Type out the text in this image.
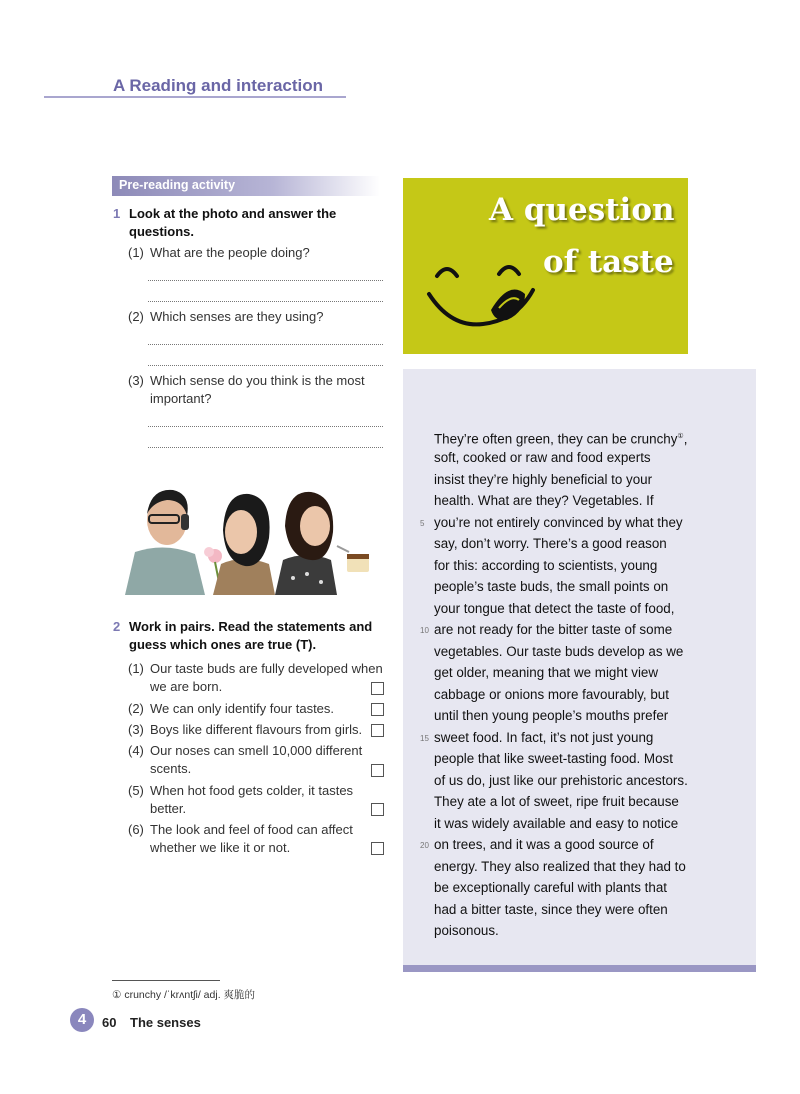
A Reading and interaction
Pre-reading activity
1 Look at the photo and answer the
questions.
(1) What are the people doing?
(2) Which senses are they using?
(3) Which sense do you think is the most
important?
2 Work in pairs. Read the statements and
guess which ones are true (T).
(1) Our taste buds are fully developed when
we are born.
(2) We can only identify four tastes.
(3) Boys like different flavours from girls.
(4) Our noses can smell 10,000 different
scents.
(5) When hot food gets colder, it tastes
better.
(6) The look and feel of food can affect
whether we like it or not.
A question
of taste
They’re often green, they can be crunchy①,
soft, cooked or raw and food experts
insist they’re highly beneficial to your
health. What are they? Vegetables. If
you’re not entirely convinced by what they
say, don’t worry. There’s a good reason
for this: according to scientists, young
people’s taste buds, the small points on
your tongue that detect the taste of food,
are not ready for the bitter taste of some
vegetables. Our taste buds develop as we
get older, meaning that we might view
cabbage or onions more favourably, but
until then young people’s mouths prefer
sweet food. In fact, it’s not just young
people that like sweet-tasting food. Most
of us do, just like our prehistoric ancestors.
They ate a lot of sweet, ripe fruit because
it was widely available and easy to notice
on trees, and it was a good source of
energy. They also realized that they had to
be exceptionally careful with plants that
had a bitter taste, since they were often
poisonous.
5
10
15
20
① crunchy /ˈkrʌntʃi/ adj. 爽脆的
4	60 The senses
